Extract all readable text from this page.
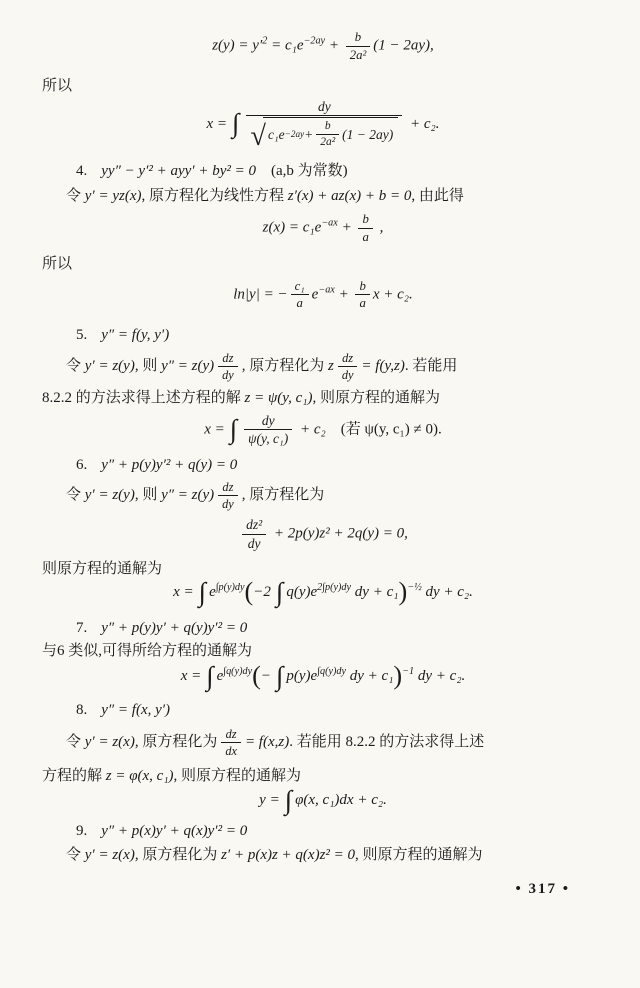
$z(y) = y'^2 = c_1e^{-2ay} + \frac{b}{\text{2a²}} (1 - 2ay)$,
所以
x = ∫ $\frac{dy}{√ c_1e -2ay + \frac{b}{\text{2a²}} (1 - 2ay)} + c_2$.
4. yy″ − y′² + ayy′ + by² = 0　(a,b 为常数)
令 y′ = yz(x), 原方程化为线性方程 z′(x) + az(x) + b = 0, 由此得
$z(x) = c_1e^{-ax} + \frac{b}{a}$ ,
所以
ln|y| = − $\frac{\text{c₁}}{a} e^{-ax} + \frac{b}{a}$ x + c₂.
5. y″ = f(y, y′)
令 y′ = z(y), 则 $y'' = z(y) \frac{dz}{dy}$ , 原方程化为 z $\frac{dz}{dy} = f(y,z)$. 若能用
8.2.2 的方法求得上述方程的解 z = ψ(y, c₁), 则原方程的通解为
x = ∫ $\frac{dy}{\text{ψ(y, c₁)}} + c_2$　(若 ψ(y, c₁) ≠ 0).
6. y″ + p(y)y′² + q(y) = 0
令 y′ = z(y), 则 $y'' = z(y) \frac{dz}{dy}$ , 原方程化为
$\frac{\text{dz²}}{dy} + 2p(y)z^2 + 2q(y) = 0$,
则原方程的通解为
x = ∫ $e^{\int p(y)dy}(-2$ ∫ $q(y)e^{2\int p(y)dy}$ dy + c₁)$^{-\frac{1}{2}}$ dy + c₂.
7. y″ + p(y)y′ + q(y)y′² = 0
与6 类似,可得所给方程的通解为
x = ∫ $e^{\int q(y)dy}(-$ ∫ $p(y)e^{\int q(y)dy}$ dy + c₁)$^{-1}$ dy + c₂.
8. y″ = f(x, y′)
令 y′ = z(x), 原方程化为 $\frac{dz}{dx} = f(x,z)$. 若能用 8.2.2 的方法求得上述
方程的解 z = φ(x, c₁), 则原方程的通解为
y = ∫ φ(x, c₁)dx + c₂.
9. y″ + p(x)y′ + q(x)y′² = 0
令 y′ = z(x), 原方程化为 z′ + p(x)z + q(x)z² = 0, 则原方程的通解为
• 317 •
